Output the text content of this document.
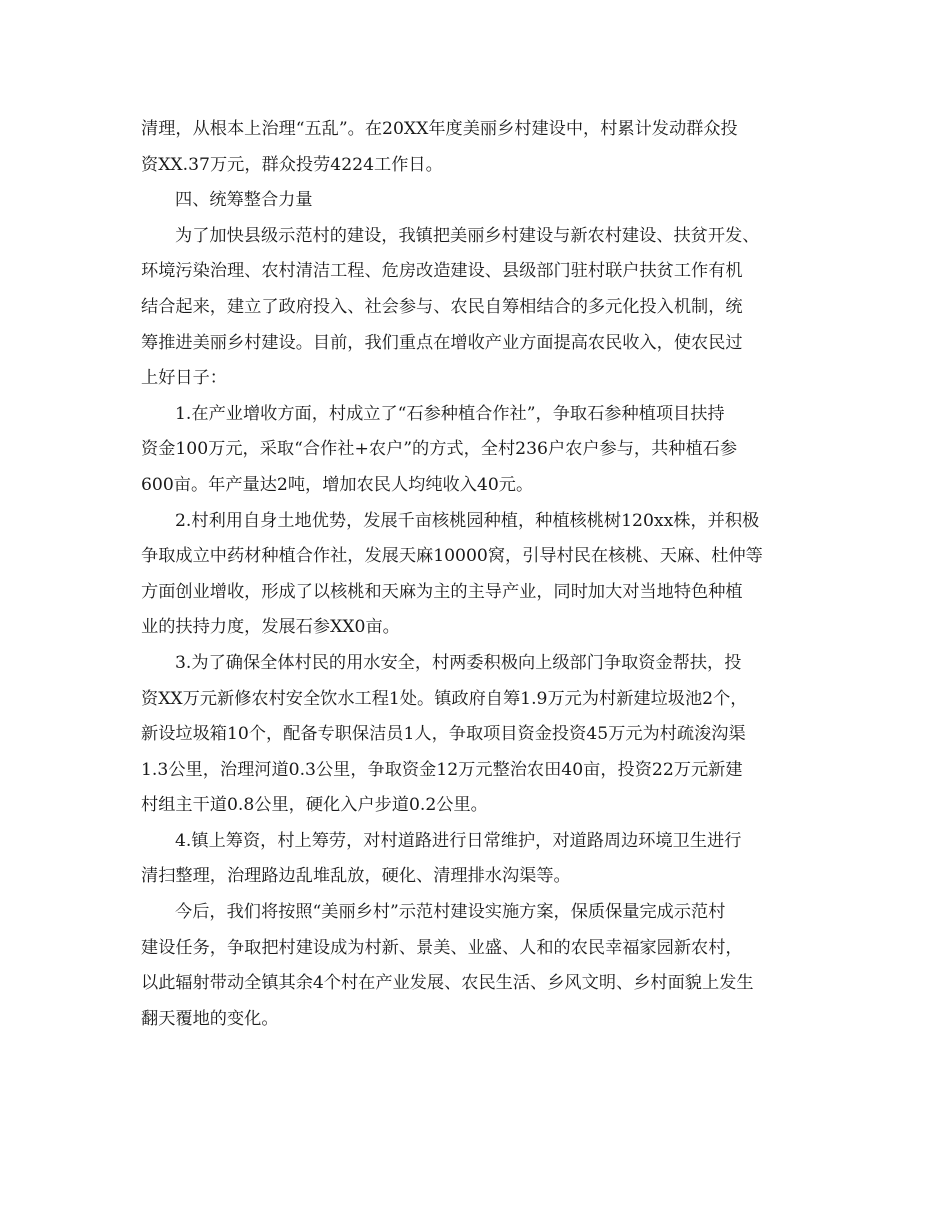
清理，从根本上治理“五乱”。在20XX年度美丽乡村建设中，村累计发动群众投
资XX.37万元，群众投劳4224工作日。
四、统筹整合力量
为了加快县级示范村的建设，我镇把美丽乡村建设与新农村建设、扶贫开发、
环境污染治理、农村清洁工程、危房改造建设、县级部门驻村联户扶贫工作有机
结合起来，建立了政府投入、社会参与、农民自筹相结合的多元化投入机制，统
筹推进美丽乡村建设。目前，我们重点在增收产业方面提高农民收入，使农民过
上好日子：
1.在产业增收方面，村成立了“石参种植合作社”，争取石参种植项目扶持
资金100万元，采取“合作社+农户”的方式，全村236户农户参与，共种植石参
600亩。年产量达2吨，增加农民人均纯收入40元。
2.村利用自身土地优势，发展千亩核桃园种植，种植核桃树120xx株，并积极
争取成立中药材种植合作社，发展天麻10000窝，引导村民在核桃、天麻、杜仲等
方面创业增收，形成了以核桃和天麻为主的主导产业，同时加大对当地特色种植
业的扶持力度，发展石参XX0亩。
3.为了确保全体村民的用水安全，村两委积极向上级部门争取资金帮扶，投
资XX万元新修农村安全饮水工程1处。镇政府自筹1.9万元为村新建垃圾池2个，
新设垃圾箱10个，配备专职保洁员1人，争取项目资金投资45万元为村疏浚沟渠
1.3公里，治理河道0.3公里，争取资金12万元整治农田40亩，投资22万元新建
村组主干道0.8公里，硬化入户步道0.2公里。
4.镇上筹资，村上筹劳，对村道路进行日常维护，对道路周边环境卫生进行
清扫整理，治理路边乱堆乱放，硬化、清理排水沟渠等。
今后，我们将按照“美丽乡村”示范村建设实施方案，保质保量完成示范村
建设任务，争取把村建设成为村新、景美、业盛、人和的农民幸福家园新农村，
以此辐射带动全镇其余4个村在产业发展、农民生活、乡风文明、乡村面貌上发生
翻天覆地的变化。
